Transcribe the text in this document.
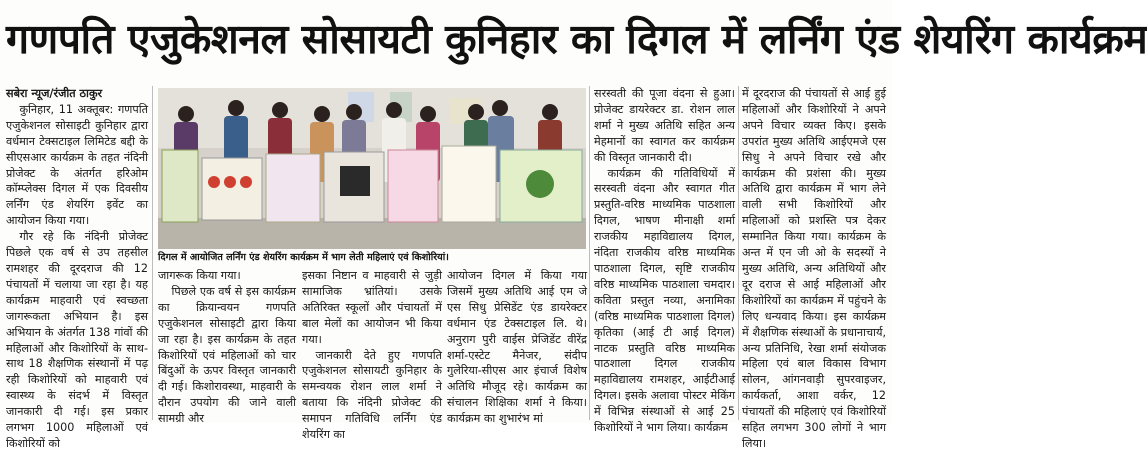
गणपति एजुकेशनल सोसायटी कुनिहार का दिगल में लर्निंग एंड शेयरिंग कार्यक्रम

सबेरा न्यूज/रंजीत ठाकुर

कुनिहार, 11 अक्तूबर: गणपति एजुकेशनल सोसाइटी कुनिहार द्वारा वर्धमान टेक्सटाइल लिमिटेड बद्दी के सीएसआर कार्यक्रम के तहत नंदिनी प्रोजेक्ट के अंतर्गत हरिओम कॉम्प्लेक्स दिगल में एक दिवसीय लर्निंग एंड शेयरिंग इवेंट का आयोजन किया गया।

गौर रहे कि नंदिनी प्रोजेक्ट पिछले एक वर्ष से उप तहसील रामशहर की दूरदराज की 12 पंचायतों में चलाया जा रहा है। यह कार्यक्रम माहवारी एवं स्वच्छता जागरूकता अभियान है। इस अभियान के अंतर्गत 138 गांवों की महिलाओं और किशोरियों के साथ-साथ 18 शैक्षणिक संस्थानों में पढ़ रही किशोरियों को माहवारी एवं स्वास्थ्य के संदर्भ में विस्तृत जानकारी दी गई। इस प्रकार लगभग 1000 महिलाओं एवं किशोरियों को

दिगल में आयोजित लर्निंग एंड शेयरिंग कार्यक्रम में भाग लेती महिलाएं एवं किशोरियां।

जागरूक किया गया।

पिछले एक वर्ष से इस कार्यक्रम का क्रियान्वयन गणपति एजुकेशनल सोसाइटी द्वारा किया जा रहा है। इस कार्यक्रम के तहत किशोरियों एवं महिलाओं को चार बिंदुओं के ऊपर विस्तृत जानकारी दी गई। किशोरावस्था, माहवारी के दौरान उपयोग की जाने वाली सामग्री और

इसका निष्टान व माहवारी से जुड़ी सामाजिक भ्रांतियां। उसके अतिरिक्त स्कूलों और पंचायतों में बाल मेलों का आयोजन भी किया गया।

जानकारी देते हुए गणपति एजुकेशनल सोसायटी कुनिहार के समन्वयक रोशन लाल शर्मा ने बताया कि नंदिनी प्रोजेक्ट की समापन गतिविधि लर्निंग एंड शेयरिंग का

आयोजन दिगल में किया गया जिसमें मुख्य अतिथि आई एम जे एस सिधु प्रेसिडेंट एंड डायरेक्टर वर्धमान एंड टेक्सटाइल लि. थे। अनुराग पुरी वाईस प्रेजिडेंट वीरेंद्र शर्मा-एस्टेट मैनेजर, संदीप गुलेरिया-सीएस आर इंचार्ज विशेष अतिथि मौजूद रहे। कार्यक्रम का संचालन शिक्षिका शर्मा ने किया। कार्यक्रम का शुभारंभ मां

सरस्वती की पूजा वंदना से हुआ। प्रोजेक्ट डायरेक्टर डा. रोशन लाल शर्मा ने मुख्य अतिथि सहित अन्य मेहमानों का स्वागत कर कार्यक्रम की विस्तृत जानकारी दी।

कार्यक्रम की गतिविधियों में सरस्वती वंदना और स्वागत गीत प्रस्तुति-वरिष्ठ माध्यमिक पाठशाला दिगल, भाषण मीनाक्षी शर्मा राजकीय महाविद्यालय दिगल, नंदिता राजकीय वरिष्ठ माध्यमिक पाठशाला दिगल, सृष्टि राजकीय वरिष्ठ माध्यमिक पाठशाला चमदार। कविता प्रस्तुत नव्या, अनामिका (वरिष्ठ माध्यमिक पाठशाला दिगल) कृतिका (आई टी आई दिगल) नाटक प्रस्तुति वरिष्ठ माध्यमिक पाठशाला दिगल राजकीय महाविद्यालय रामशहर, आईटीआई दिगल। इसके अलावा पोस्टर मेकिंग में विभिन्न संस्थाओं से आई 25 किशोरियों ने भाग लिया। कार्यक्रम

में दूरदराज की पंचायतों से आई हुई महिलाओं और किशोरियों ने अपने अपने विचार व्यक्त किए। इसके उपरांत मुख्य अतिथि आईएमजे एस सिधु ने अपने विचार रखे और कार्यक्रम की प्रशंसा की। मुख्य अतिथि द्वारा कार्यक्रम में भाग लेने वाली सभी किशोरियों और महिलाओं को प्रशस्ति पत्र देकर सम्मानित किया गया। कार्यक्रम के अन्त में एन जी ओ के सदस्यों ने मुख्य अतिथि, अन्य अतिथियों और दूर दराज से आई महिलाओं और किशोरियों का कार्यक्रम में पहुंचने के लिए धन्यवाद किया। इस कार्यक्रम में शैक्षणिक संस्थाओं के प्रधानाचार्य, अन्य प्रतिनिधि, रेखा शर्मा संयोजक महिला एवं बाल विकास विभाग सोलन, आंगनवाड़ी सुपरवाइजर, कार्यकर्ता, आशा वर्कर, 12 पंचायतों की महिलाएं एवं किशोरियों सहित लगभग 300 लोगों ने भाग लिया।
